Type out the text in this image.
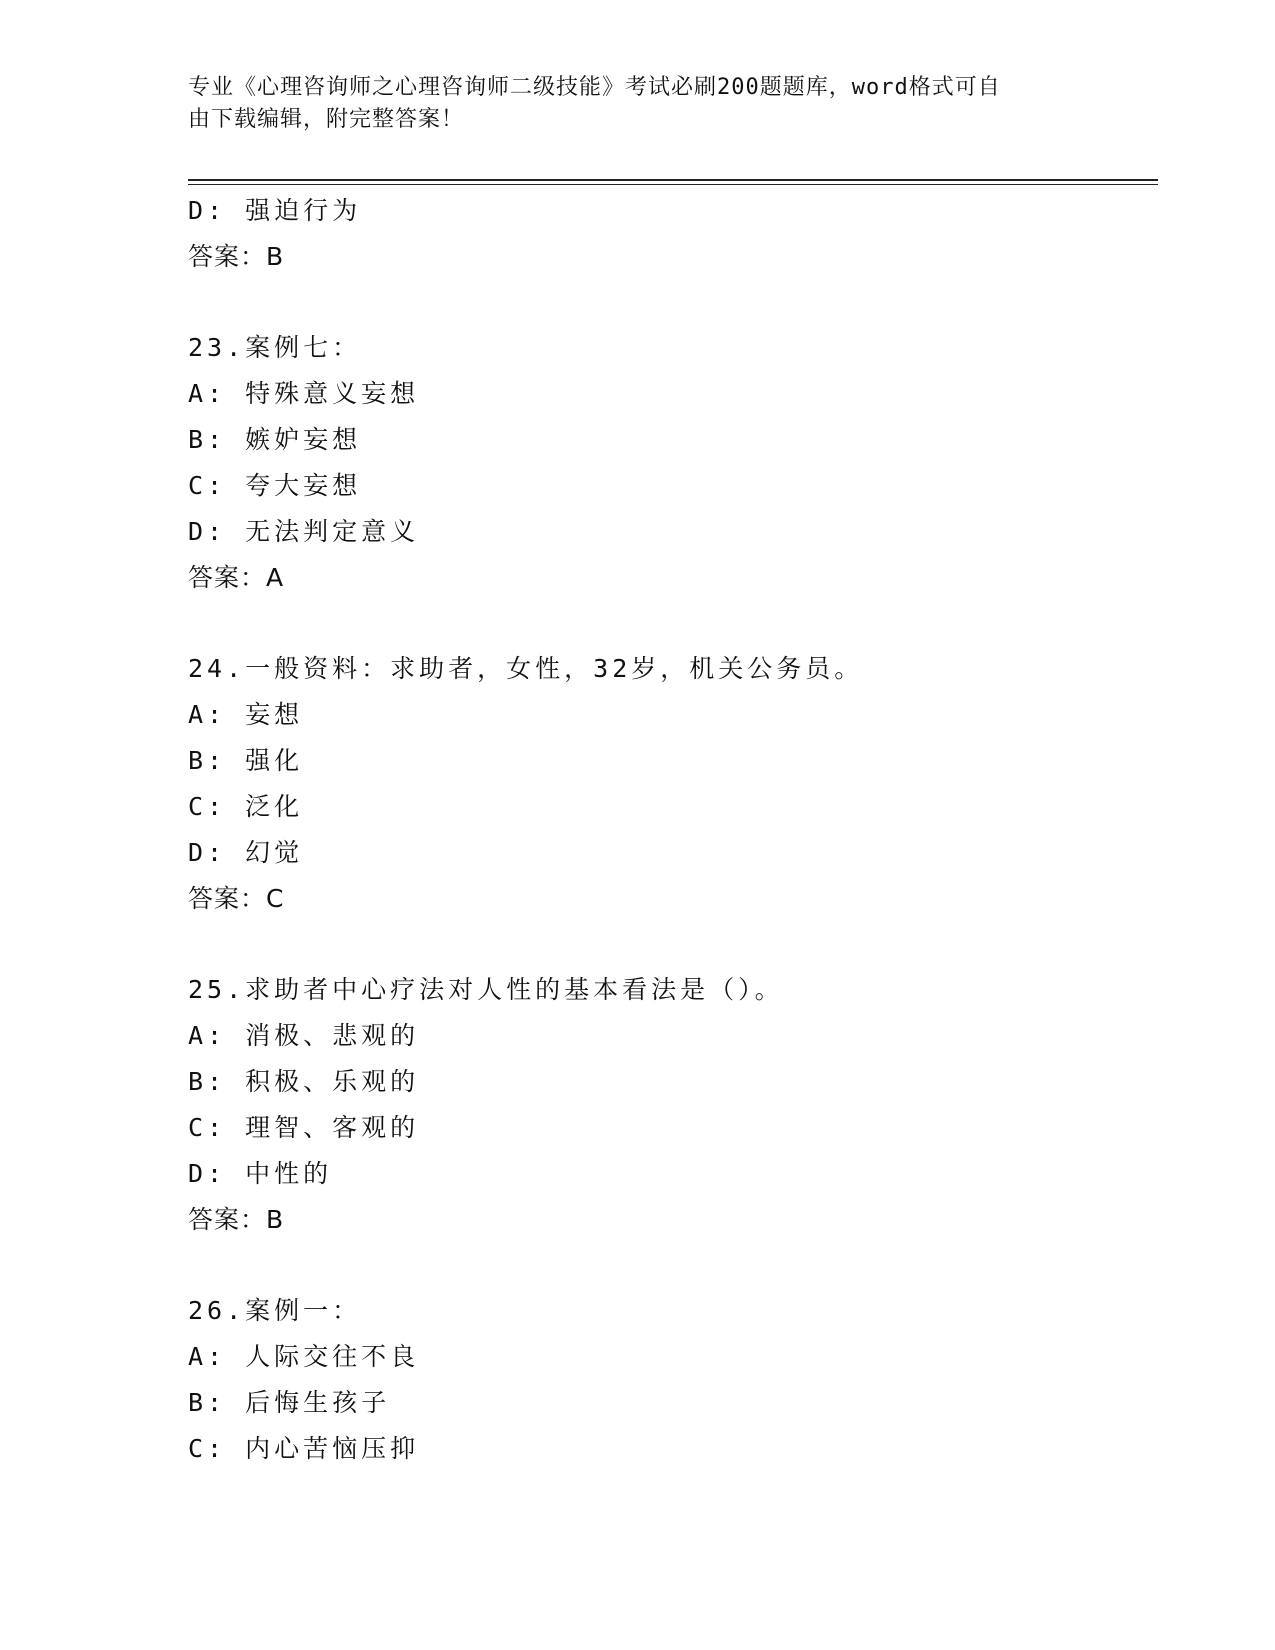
专业《心理咨询师之心理咨询师二级技能》考试必刷200题题库，word格式可自
由下载编辑，附完整答案！
D: 强迫行为
答案：B
23.案例七：
A: 特殊意义妄想
B: 嫉妒妄想
C: 夸大妄想
D: 无法判定意义
答案：A
24.一般资料：求助者，女性，32岁，机关公务员。
A: 妄想
B: 强化
C: 泛化
D: 幻觉
答案：C
25.求助者中心疗法对人性的基本看法是（）。
A: 消极、悲观的
B: 积极、乐观的
C: 理智、客观的
D: 中性的
答案：B
26.案例一：
A: 人际交往不良
B: 后悔生孩子
C: 内心苦恼压抑
